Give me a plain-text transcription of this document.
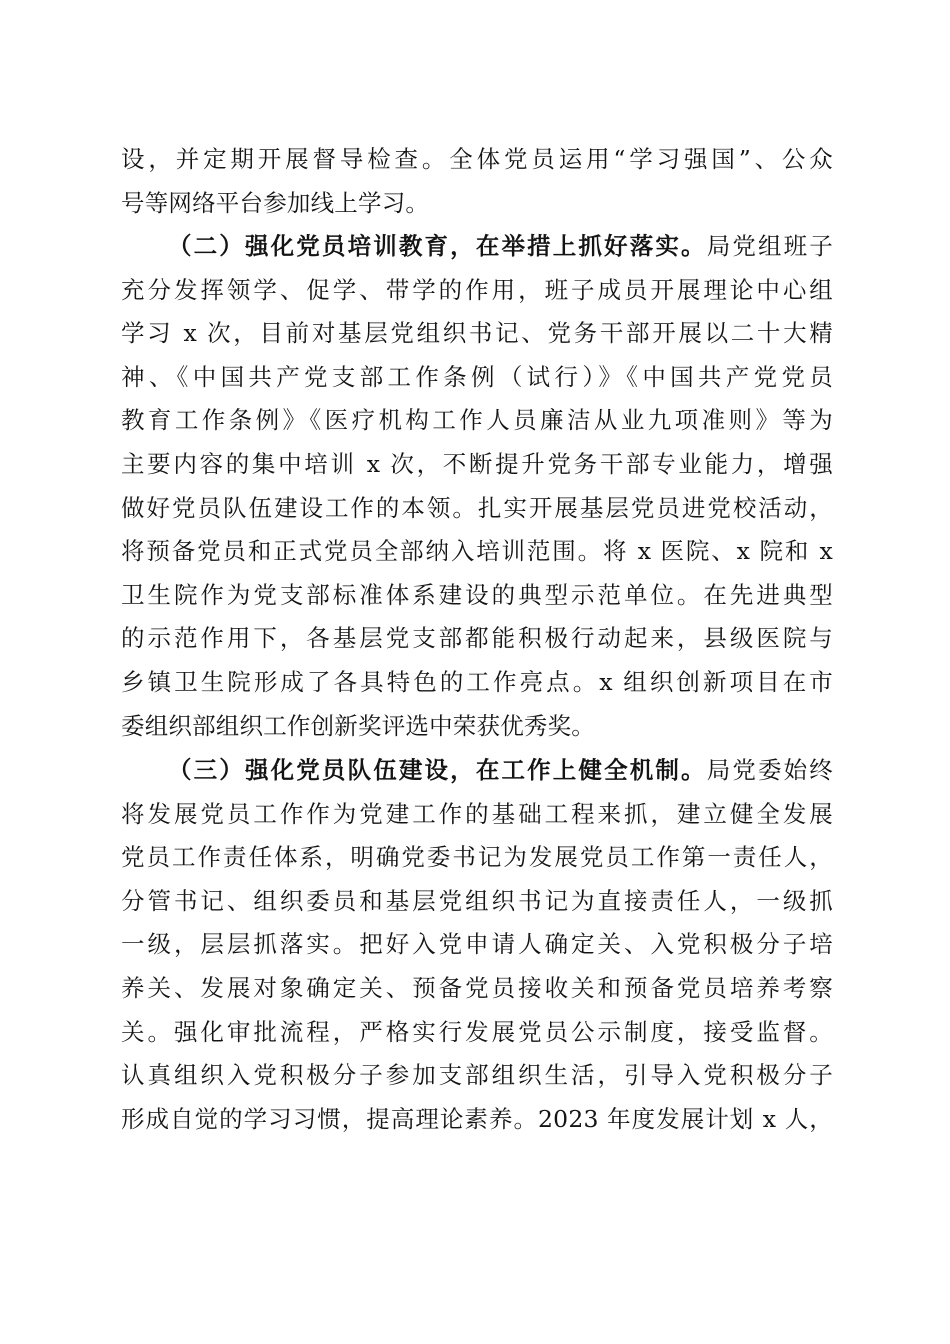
设，并定期开展督导检查。全体党员运用“学习强国”、公众
号等网络平台参加线上学习。
（二）强化党员培训教育，在举措上抓好落实。局党组班子
充分发挥领学、促学、带学的作用，班子成员开展理论中心组
学习 x 次，目前对基层党组织书记、党务干部开展以二十大精
神、《中国共产党支部工作条例（试行）》《中国共产党党员
教育工作条例》《医疗机构工作人员廉洁从业九项准则》等为
主要内容的集中培训 x 次，不断提升党务干部专业能力，增强
做好党员队伍建设工作的本领。扎实开展基层党员进党校活动，
将预备党员和正式党员全部纳入培训范围。将 x 医院、x 院和 x
卫生院作为党支部标准体系建设的典型示范单位。在先进典型
的示范作用下，各基层党支部都能积极行动起来，县级医院与
乡镇卫生院形成了各具特色的工作亮点。x 组织创新项目在市
委组织部组织工作创新奖评选中荣获优秀奖。
（三）强化党员队伍建设，在工作上健全机制。局党委始终
将发展党员工作作为党建工作的基础工程来抓，建立健全发展
党员工作责任体系，明确党委书记为发展党员工作第一责任人，
分管书记、组织委员和基层党组织书记为直接责任人，一级抓
一级，层层抓落实。把好入党申请人确定关、入党积极分子培
养关、发展对象确定关、预备党员接收关和预备党员培养考察
关。强化审批流程，严格实行发展党员公示制度，接受监督。
认真组织入党积极分子参加支部组织生活，引导入党积极分子
形成自觉的学习习惯，提高理论素养。2023 年度发展计划 x 人，
